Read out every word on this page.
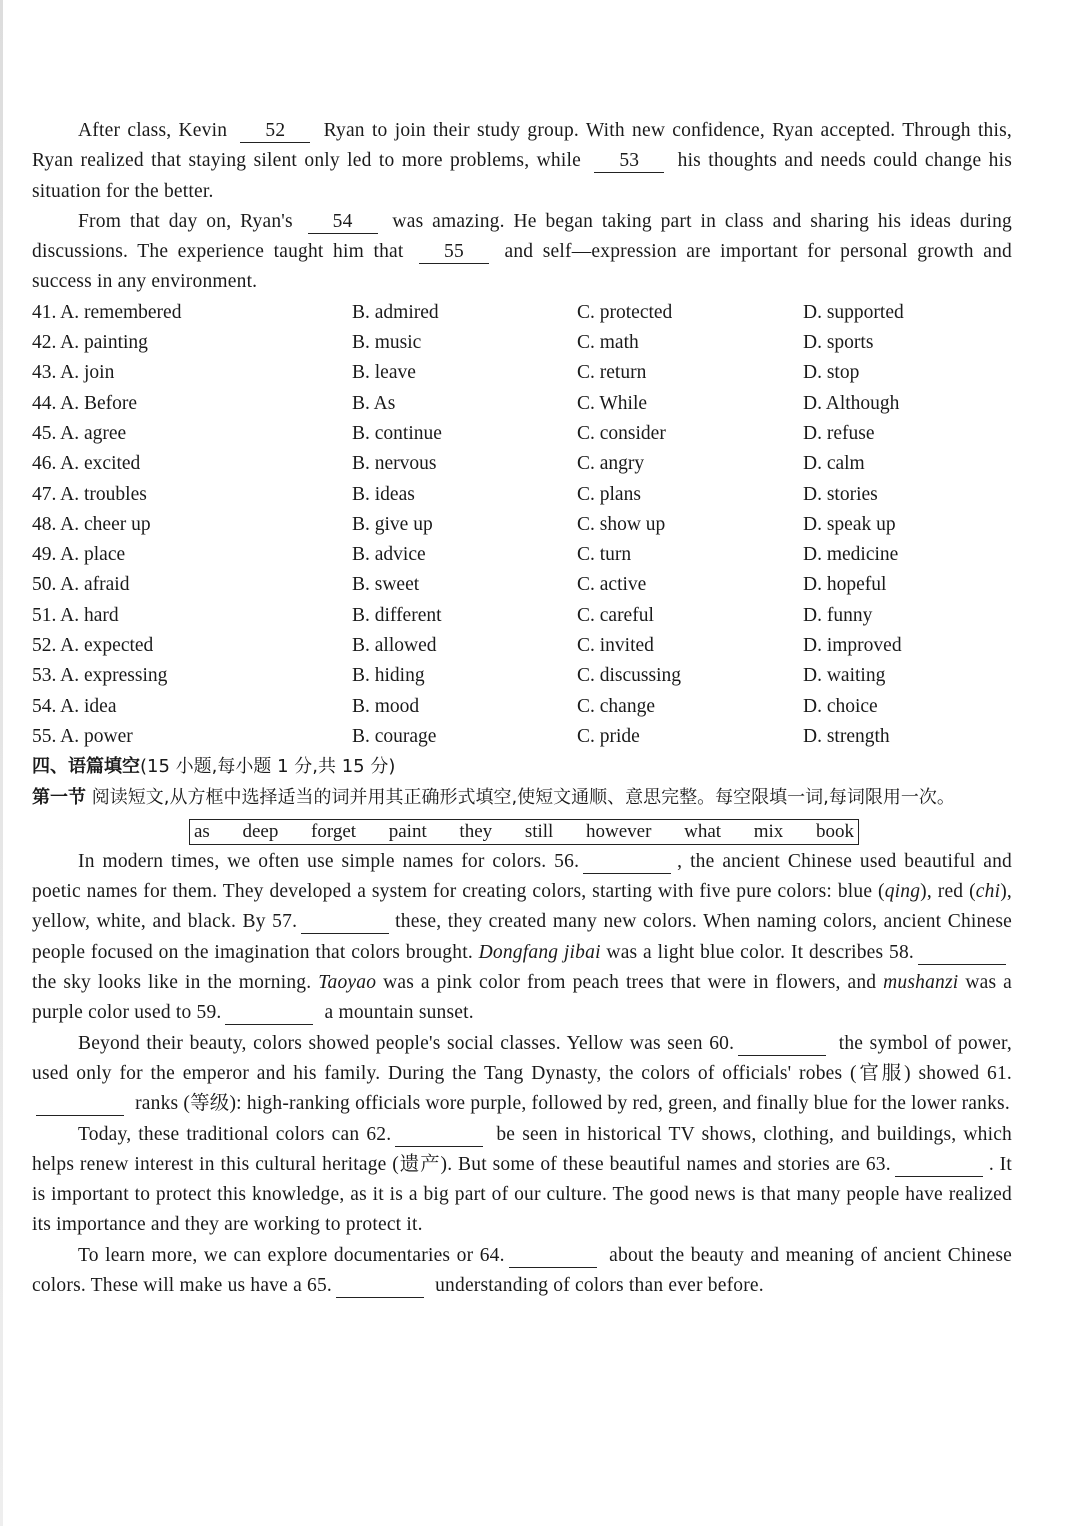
After class, Kevin 52 Ryan to join their study group. With new confidence, Ryan accepted. Through this, Ryan realized that staying silent only led to more problems, while 53 his thoughts and needs could change his situation for the better.

From that day on, Ryan's 54 was amazing. He began taking part in class and sharing his ideas during discussions. The experience taught him that 55 and self—expression are important for personal growth and success in any environment.

41. A. remembered	B. admired	C. protected	D. supported
42. A. painting	B. music	C. math	D. sports
43. A. join	B. leave	C. return	D. stop
44. A. Before	B. As	C. While	D. Although
45. A. agree	B. continue	C. consider	D. refuse
46. A. excited	B. nervous	C. angry	D. calm
47. A. troubles	B. ideas	C. plans	D. stories
48. A. cheer up	B. give up	C. show up	D. speak up
49. A. place	B. advice	C. turn	D. medicine
50. A. afraid	B. sweet	C. active	D. hopeful
51. A. hard	B. different	C. careful	D. funny
52. A. expected	B. allowed	C. invited	D. improved
53. A. expressing	B. hiding	C. discussing	D. waiting
54. A. idea	B. mood	C. change	D. choice
55. A. power	B. courage	C. pride	D. strength
四、语篇填空(15 小题,每小题 1 分,共 15 分)
第一节 阅读短文,从方框中选择适当的词并用其正确形式填空,使短文通顺、意思完整。每空限填一词,每词限用一次。
as deep forget paint they still however what mix book

In modern times, we often use simple names for colors. 56.	, the ancient Chinese used beautiful and poetic names for them. They developed a system for creating colors, starting with five pure colors: blue (qing), red (chi), yellow, white, and black. By 57.	these, they created many new colors. When naming colors, ancient Chinese people focused on the imagination that colors brought. Dongfang jibai was a light blue color. It describes 58.  the sky looks like in the morning. Taoyao was a pink color from peach trees that were in flowers, and mushanzi was a purple color used to 59.	a mountain sunset.

Beyond their beauty, colors showed people's social classes. Yellow was seen 60.	the symbol of power, used only for the emperor and his family. During the Tang Dynasty, the colors of officials' robes (官服) showed 61.  ranks (等级): high-ranking officials wore purple, followed by red, green, and finally blue for the lower ranks.

Today, these traditional colors can 62.	be seen in historical TV shows, clothing, and buildings, which helps renew interest in this cultural heritage (遗产). But some of these beautiful names and stories are 63.	. It is important to protect this knowledge, as it is a big part of our culture. The good news is that many people have realized its importance and they are working to protect it.

To learn more, we can explore documentaries or 64.	about the beauty and meaning of ancient Chinese colors. These will make us have a 65.	understanding of colors than ever before.
